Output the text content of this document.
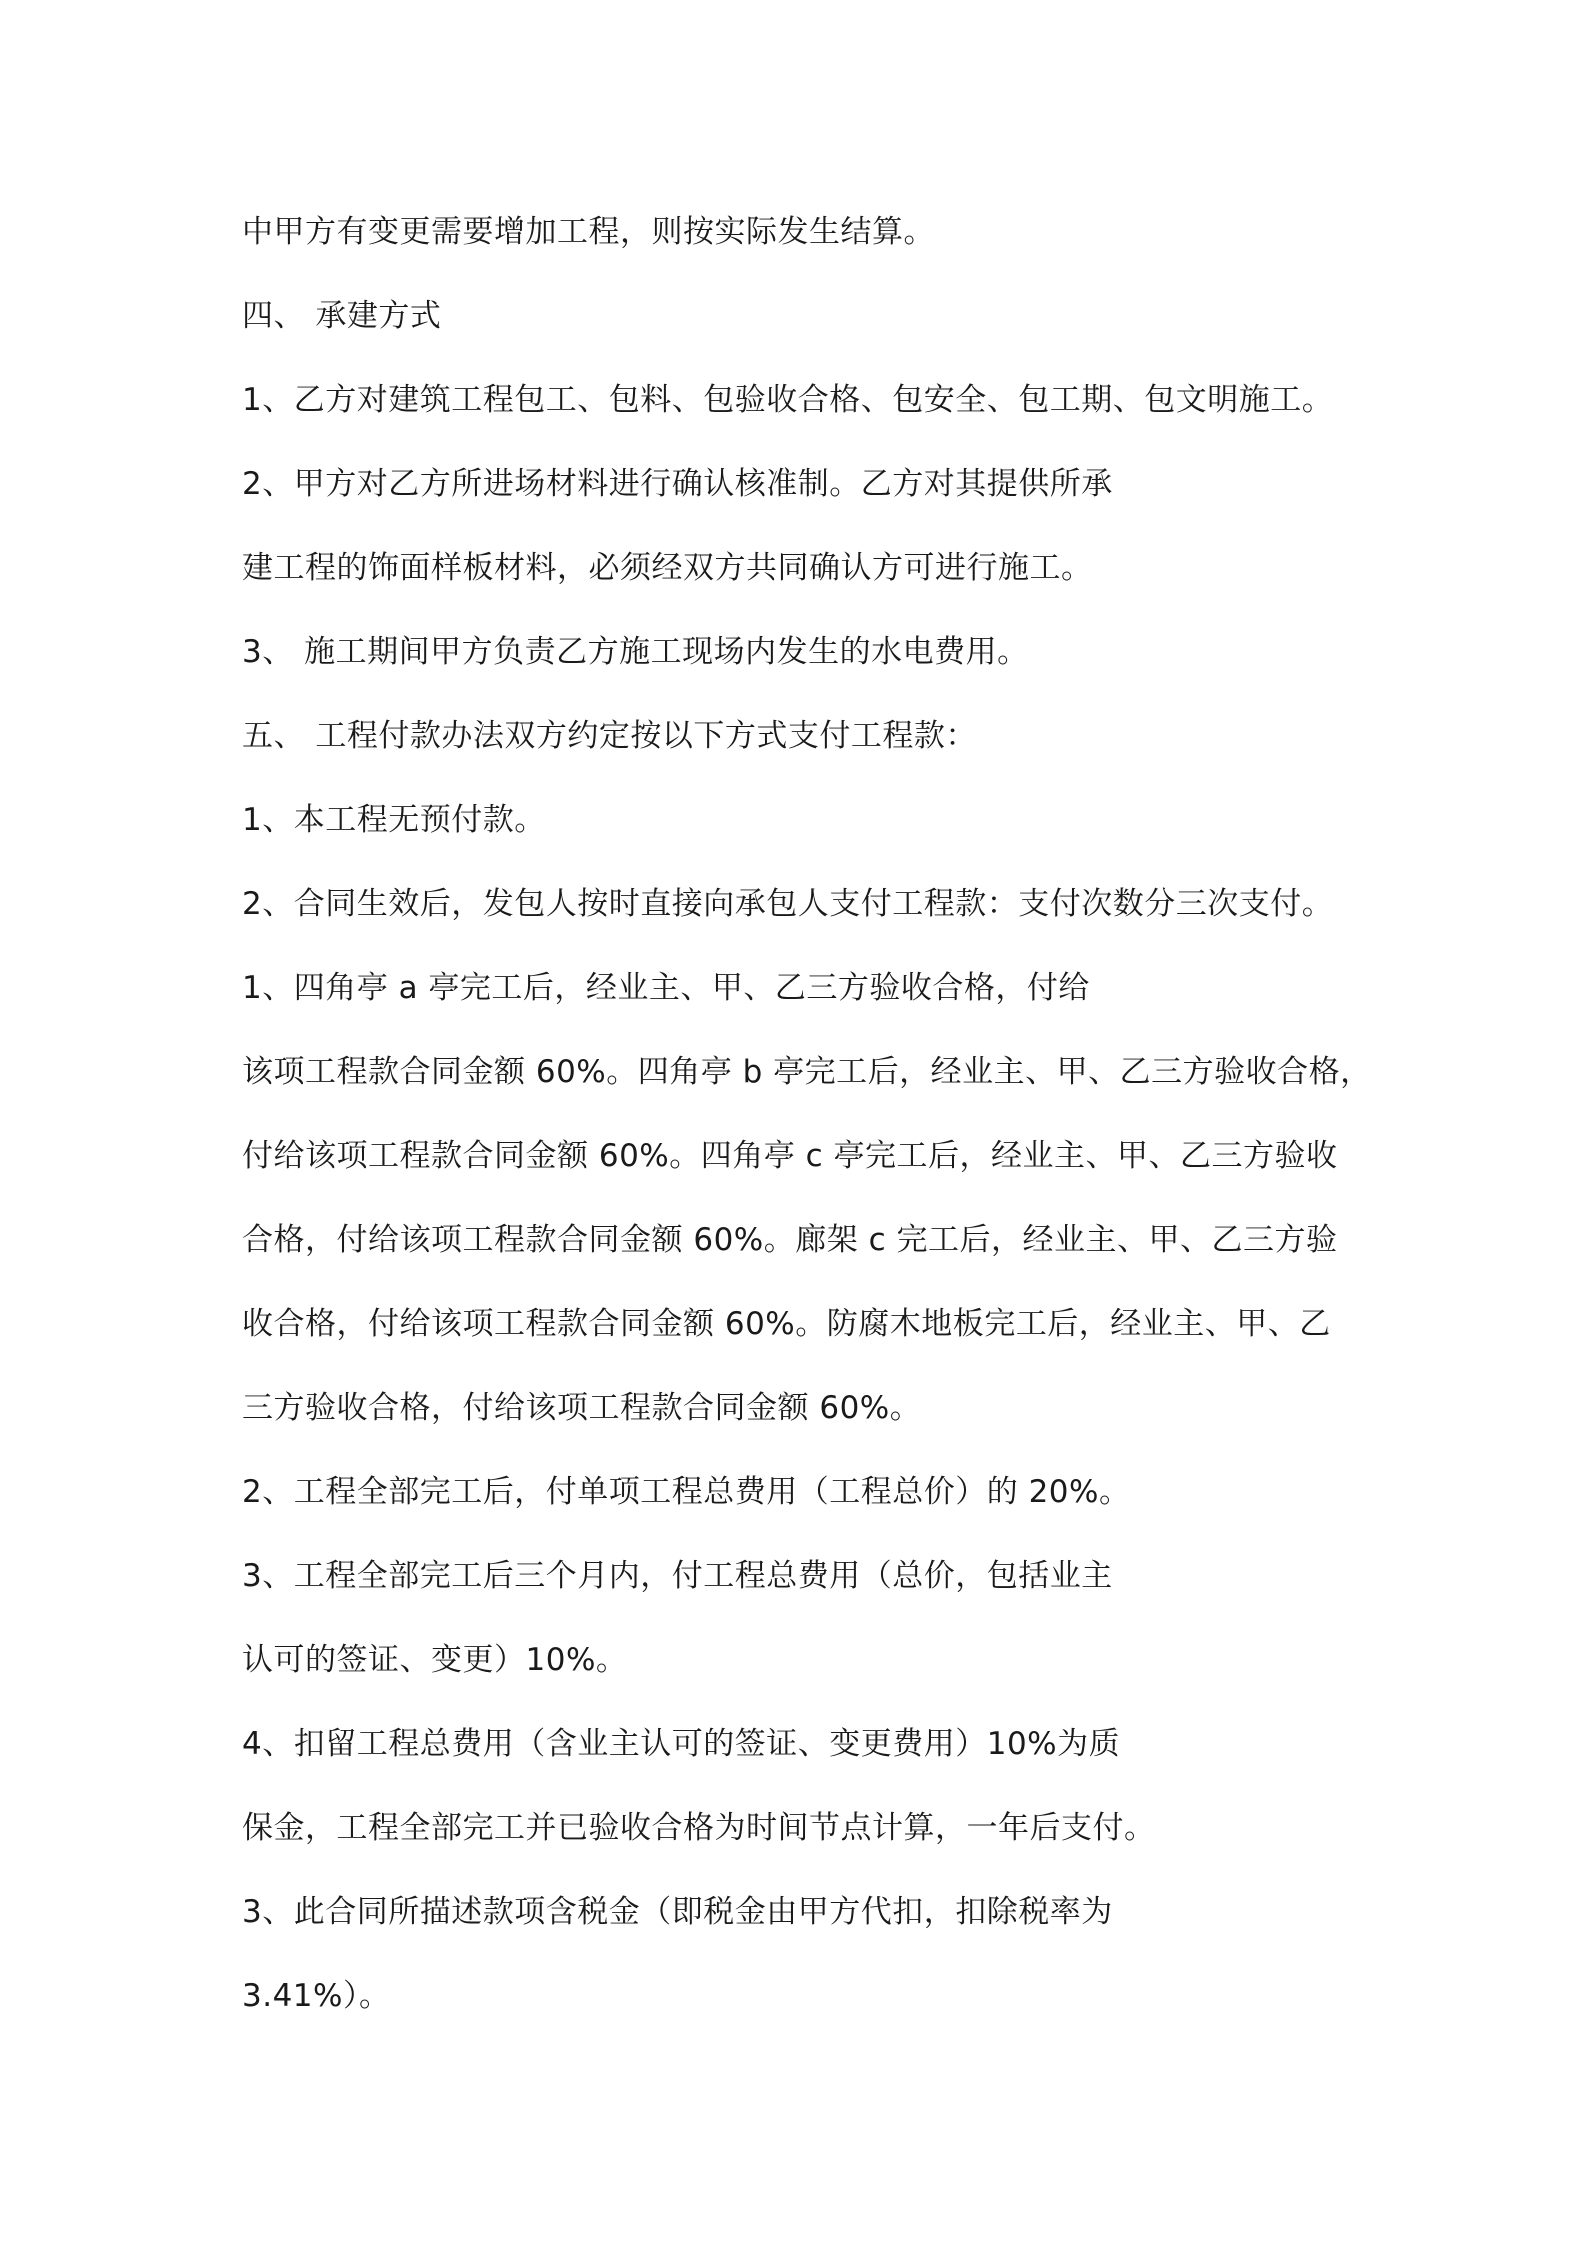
中甲方有变更需要增加工程，则按实际发生结算。
四、 承建方式
1、乙方对建筑工程包工、包料、包验收合格、包安全、包工期、包文明施工。
2、甲方对乙方所进场材料进行确认核准制。乙方对其提供所承
建工程的饰面样板材料，必须经双方共同确认方可进行施工。
3、 施工期间甲方负责乙方施工现场内发生的水电费用。
五、 工程付款办法双方约定按以下方式支付工程款：
1、本工程无预付款。
2、合同生效后，发包人按时直接向承包人支付工程款：支付次数分三次支付。
1、四角亭 a 亭完工后，经业主、甲、乙三方验收合格，付给
该项工程款合同金额 60%。四角亭 b 亭完工后，经业主、甲、乙三方验收合格，
付给该项工程款合同金额 60%。四角亭 c 亭完工后，经业主、甲、乙三方验收
合格，付给该项工程款合同金额 60%。廊架 c 完工后，经业主、甲、乙三方验
收合格，付给该项工程款合同金额 60%。防腐木地板完工后，经业主、甲、乙
三方验收合格，付给该项工程款合同金额 60%。
2、工程全部完工后，付单项工程总费用（工程总价）的 20%。
3、工程全部完工后三个月内，付工程总费用（总价，包括业主
认可的签证、变更）10%。
4、扣留工程总费用（含业主认可的签证、变更费用）10%为质
保金，工程全部完工并已验收合格为时间节点计算，一年后支付。
3、此合同所描述款项含税金（即税金由甲方代扣，扣除税率为
3.41%）。
